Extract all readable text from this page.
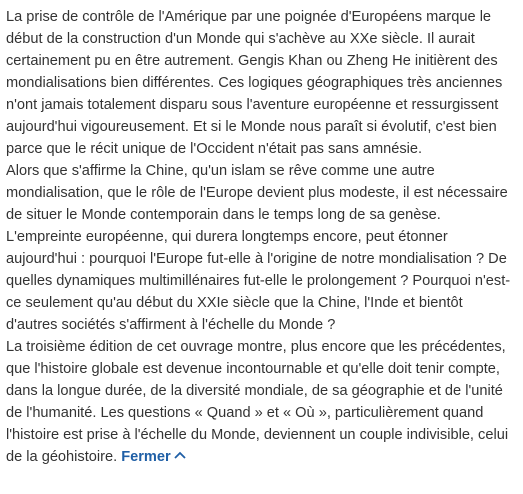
La prise de contrôle de l'Amérique par une poignée d'Européens marque le début de la construction d'un Monde qui s'achève au XXe siècle. Il aurait certainement pu en être autrement. Gengis Khan ou Zheng He initièrent des mondialisations bien différentes. Ces logiques géographiques très anciennes n'ont jamais totalement disparu sous l'aventure européenne et ressurgissent aujourd'hui vigoureusement. Et si le Monde nous paraît si évolutif, c'est bien parce que le récit unique de l'Occident n'était pas sans amnésie.

Alors que s'affirme la Chine, qu'un islam se rêve comme une autre mondialisation, que le rôle de l'Europe devient plus modeste, il est nécessaire de situer le Monde contemporain dans le temps long de sa genèse.

L'empreinte européenne, qui durera longtemps encore, peut étonner aujourd'hui : pourquoi l'Europe fut-elle à l'origine de notre mondialisation ? De quelles dynamiques multimillénaires fut-elle le prolongement ? Pourquoi n'est-ce seulement qu'au début du XXIe siècle que la Chine, l'Inde et bientôt d'autres sociétés s'affirment à l'échelle du Monde ?

La troisième édition de cet ouvrage montre, plus encore que les précédentes, que l'histoire globale est devenue incontournable et qu'elle doit tenir compte, dans la longue durée, de la diversité mondiale, de sa géographie et de l'unité de l'humanité. Les questions « Quand » et « Où », particulièrement quand l'histoire est prise à l'échelle du Monde, deviennent un couple indivisible, celui de la géohistoire. Fermer
